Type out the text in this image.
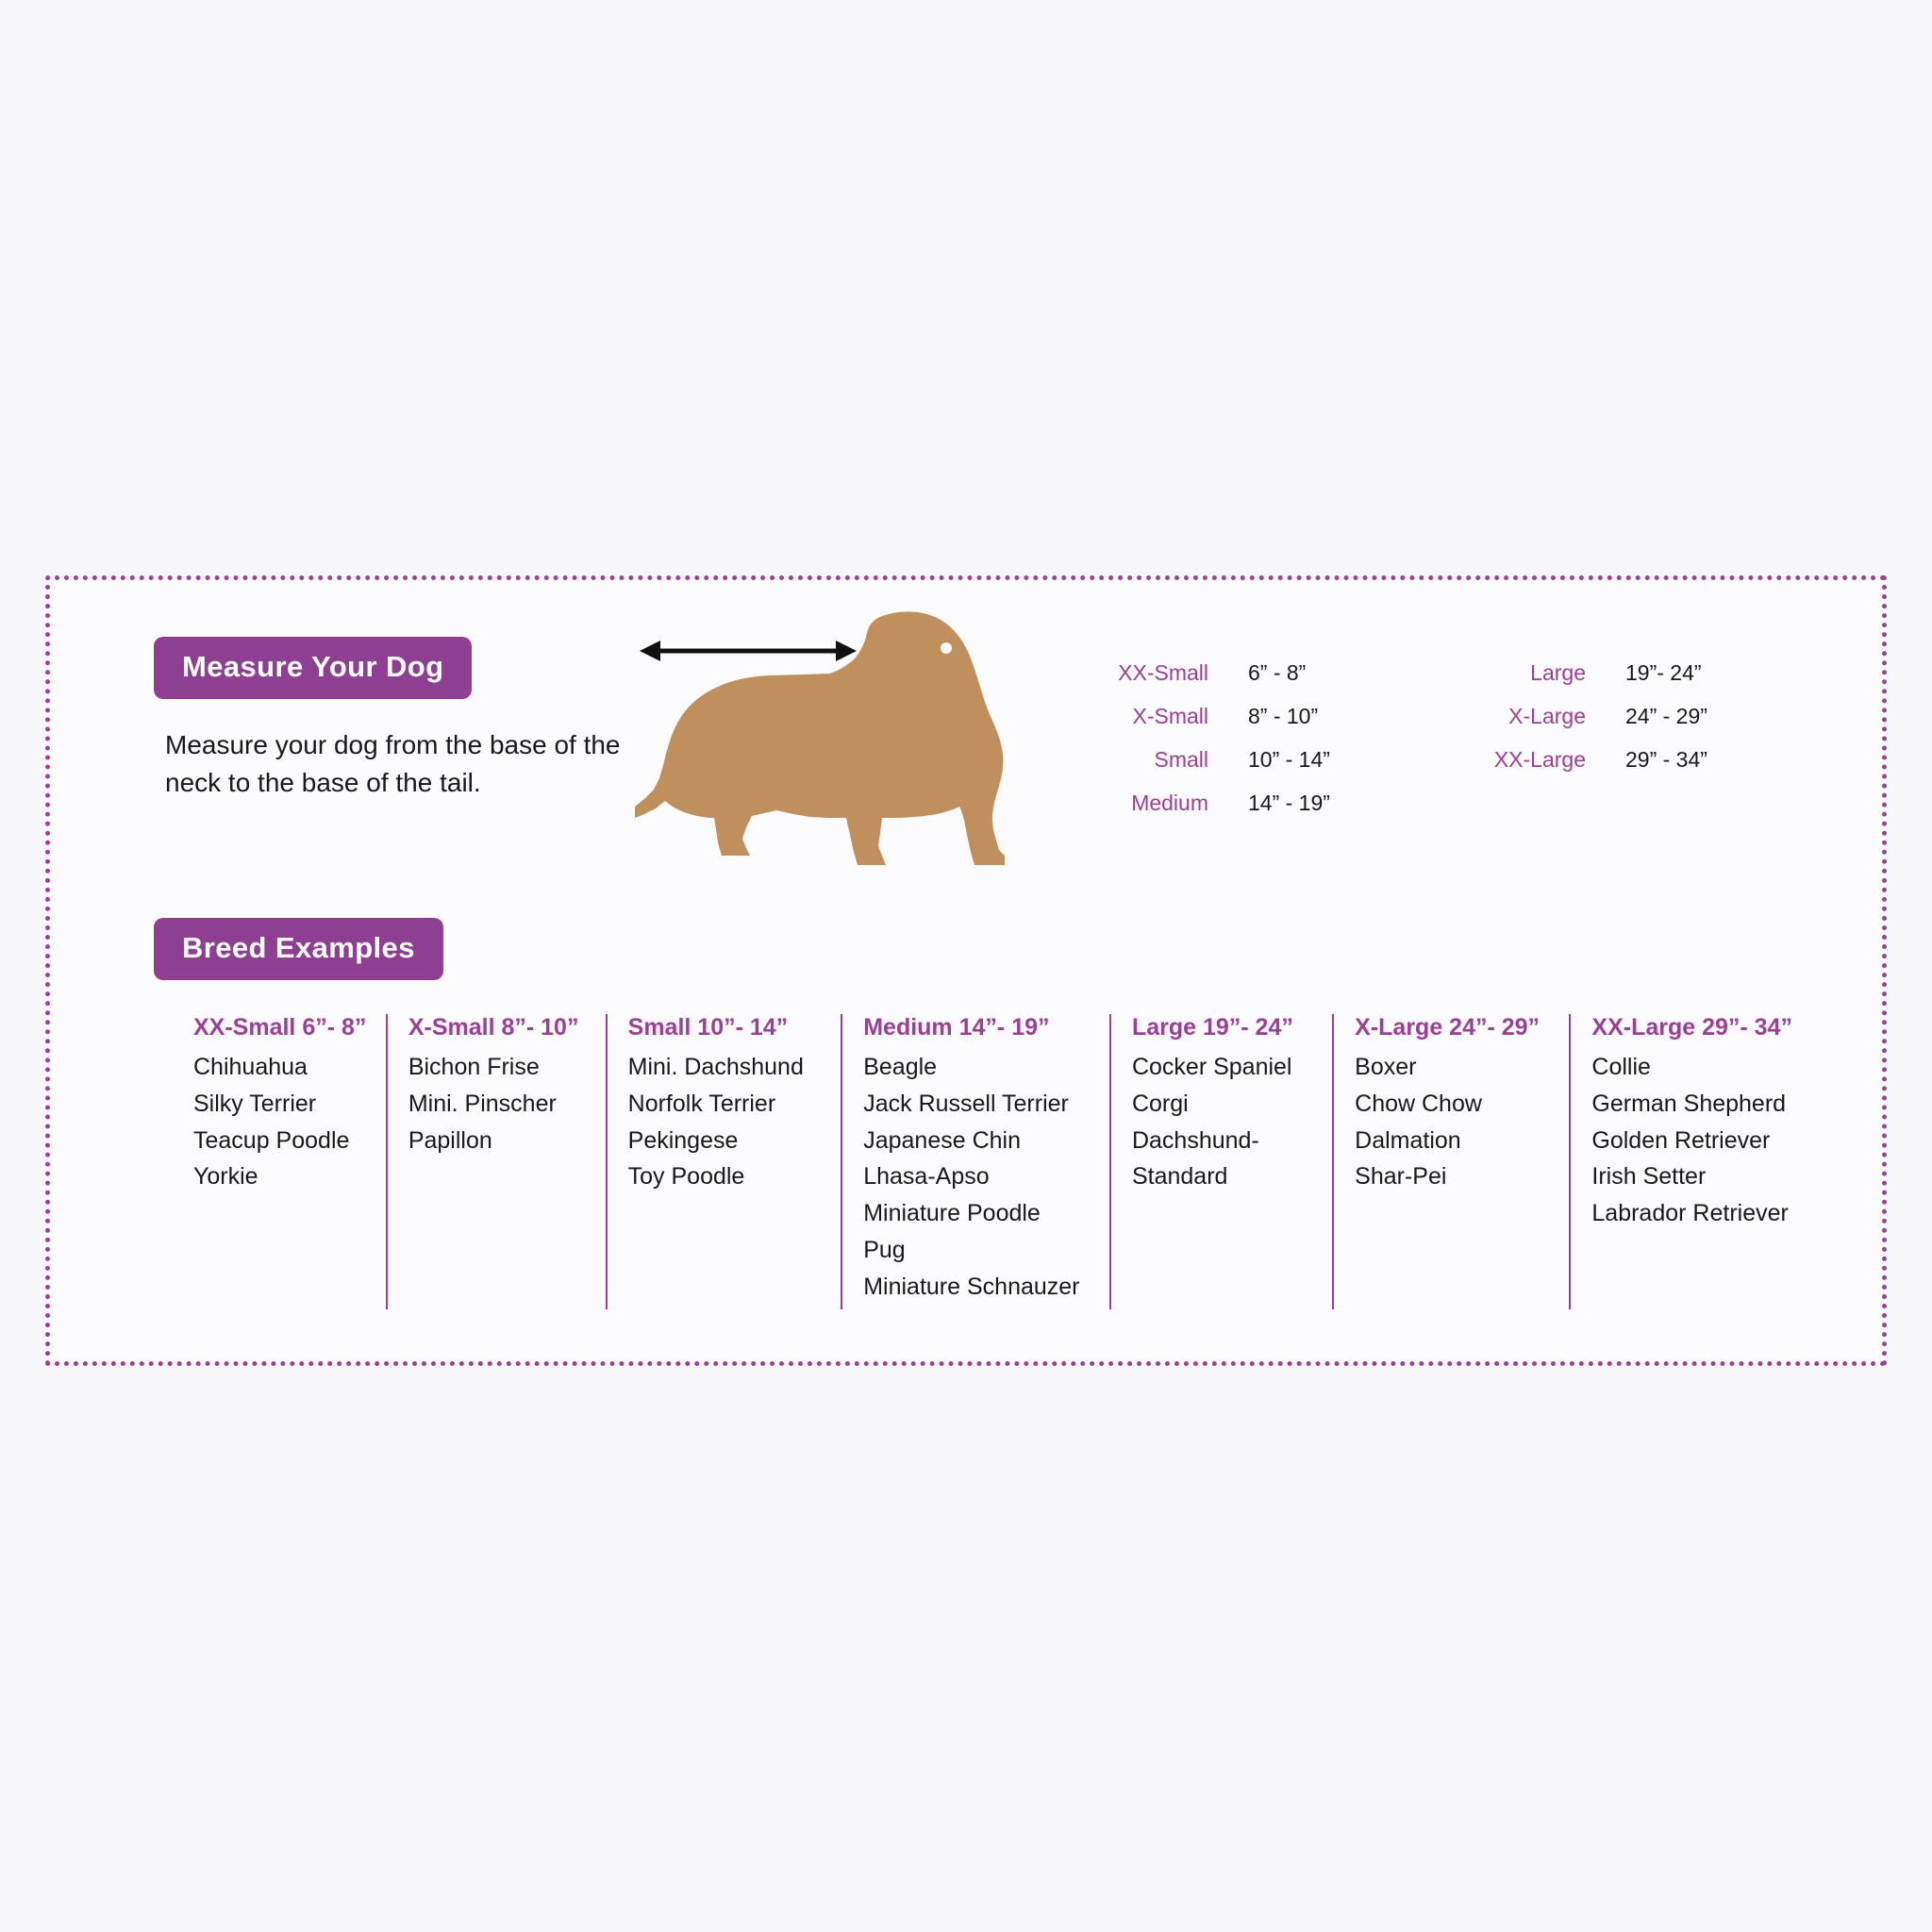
Measure Your Dog
Measure your dog from the base of the neck to the base of the tail.
XX-Small	6” - 8”
X-Small	8” - 10”
Small	10” - 14”
Medium	14” - 19”
Large	19”- 24”
X-Large	24” - 29”
XX-Large	29” - 34”
Breed Examples
XX-Small 6”- 8”
Chihuahua
Silky Terrier
Teacup Poodle
Yorkie
X-Small 8”- 10”
Bichon Frise
Mini. Pinscher
Papillon
Small 10”- 14”
Mini. Dachshund
Norfolk Terrier
Pekingese
Toy Poodle
Medium 14”- 19”
Beagle
Jack Russell Terrier
Japanese Chin
Lhasa-Apso
Miniature Poodle
Pug
Miniature Schnauzer
Large 19”- 24”
Cocker Spaniel
Corgi
Dachshund-
Standard
X-Large 24”- 29”
Boxer
Chow Chow
Dalmation
Shar-Pei
XX-Large 29”- 34”
Collie
German Shepherd
Golden Retriever
Irish Setter
Labrador Retriever
